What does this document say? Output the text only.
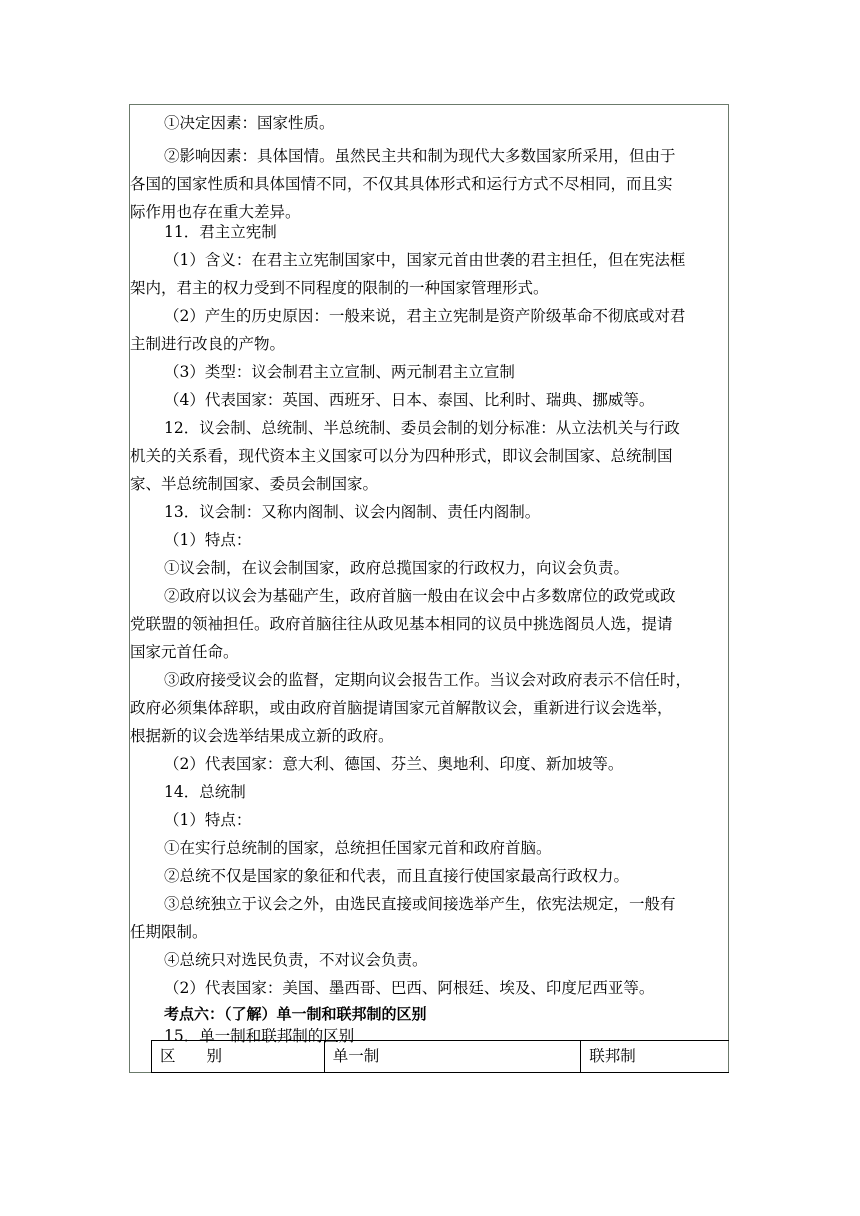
①决定因素：国家性质。
②影响因素：具体国情。虽然民主共和制为现代大多数国家所采用，但由于
各国的国家性质和具体国情不同，不仅其具体形式和运行方式不尽相同，而且实
际作用也存在重大差异。
11．君主立宪制
（1）含义：在君主立宪制国家中，国家元首由世袭的君主担任，但在宪法框
架内，君主的权力受到不同程度的限制的一种国家管理形式。
（2）产生的历史原因：一般来说，君主立宪制是资产阶级革命不彻底或对君
主制进行改良的产物。
（3）类型：议会制君主立宣制、两元制君主立宣制
（4）代表国家：英国、西班牙、日本、泰国、比利时、瑞典、挪威等。
12．议会制、总统制、半总统制、委员会制的划分标准：从立法机关与行政
机关的关系看，现代资本主义国家可以分为四种形式，即议会制国家、总统制国
家、半总统制国家、委员会制国家。
13．议会制：又称内阁制、议会内阁制、责任内阁制。
（1）特点：
①议会制，在议会制国家，政府总揽国家的行政权力，向议会负责。
②政府以议会为基础产生，政府首脑一般由在议会中占多数席位的政党或政
党联盟的领袖担任。政府首脑往往从政见基本相同的议员中挑选阁员人选，提请
国家元首任命。
③政府接受议会的监督，定期向议会报告工作。当议会对政府表示不信任时，
政府必须集体辞职，或由政府首脑提请国家元首解散议会，重新进行议会选举，
根据新的议会选举结果成立新的政府。
（2）代表国家：意大利、德国、芬兰、奥地利、印度、新加坡等。
14．总统制
（1）特点：
①在实行总统制的国家，总统担任国家元首和政府首脑。
②总统不仅是国家的象征和代表，而且直接行使国家最高行政权力。
③总统独立于议会之外，由选民直接或间接选举产生，依宪法规定，一般有
任期限制。
④总统只对选民负责，不对议会负责。
（2）代表国家：美国、墨西哥、巴西、阿根廷、埃及、印度尼西亚等。
考点六：（了解）单一制和联邦制的区别
15．单一制和联邦制的区别
区　　别	单一制	联邦制
